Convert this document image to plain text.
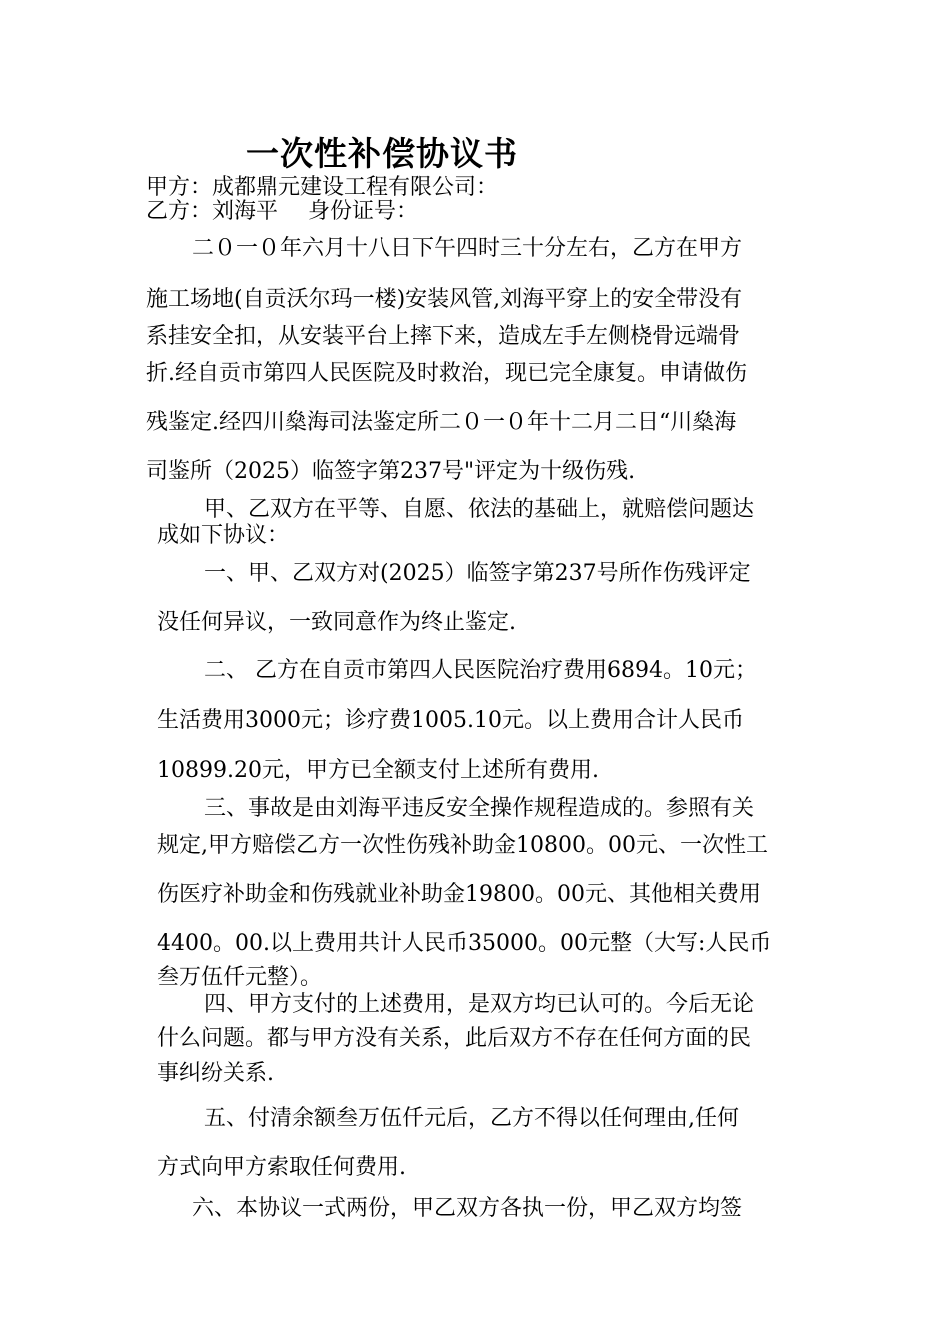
一次性补偿协议书
甲方：成都鼎元建设工程有限公司：
乙方：刘海平 身份证号：
二０一０年六月十八日下午四时三十分左右，乙方在甲方
施工场地(自贡沃尔玛一楼)安装风管,刘海平穿上的安全带没有
系挂安全扣，从安装平台上摔下来，造成左手左侧桡骨远端骨
折.经自贡市第四人民医院及时救治，现已完全康复。申请做伤
残鉴定.经四川燊海司法鉴定所二０一０年十二月二日“川燊海
司鉴所（2025）临签字第237号"评定为十级伤残.
甲、乙双方在平等、自愿、依法的基础上，就赔偿问题达
成如下协议：
一、甲、乙双方对(2025）临签字第237号所作伤残评定
没任何异议，一致同意作为终止鉴定.
二、 乙方在自贡市第四人民医院治疗费用6894。10元；
生活费用3000元；诊疗费1005.10元。以上费用合计人民币
10899.20元，甲方已全额支付上述所有费用.
三、事故是由刘海平违反安全操作规程造成的。参照有关
规定,甲方赔偿乙方一次性伤残补助金10800。00元、一次性工
伤医疗补助金和伤残就业补助金19800。00元、其他相关费用
4400。00.以上费用共计人民币35000。00元整（大写:人民币
叁万伍仟元整）。
四、甲方支付的上述费用，是双方均已认可的。今后无论
什么问题。都与甲方没有关系，此后双方不存在任何方面的民
事纠纷关系.
五、付清余额叁万伍仟元后，乙方不得以任何理由,任何
方式向甲方索取任何费用.
六、本协议一式两份，甲乙双方各执一份，甲乙双方均签
